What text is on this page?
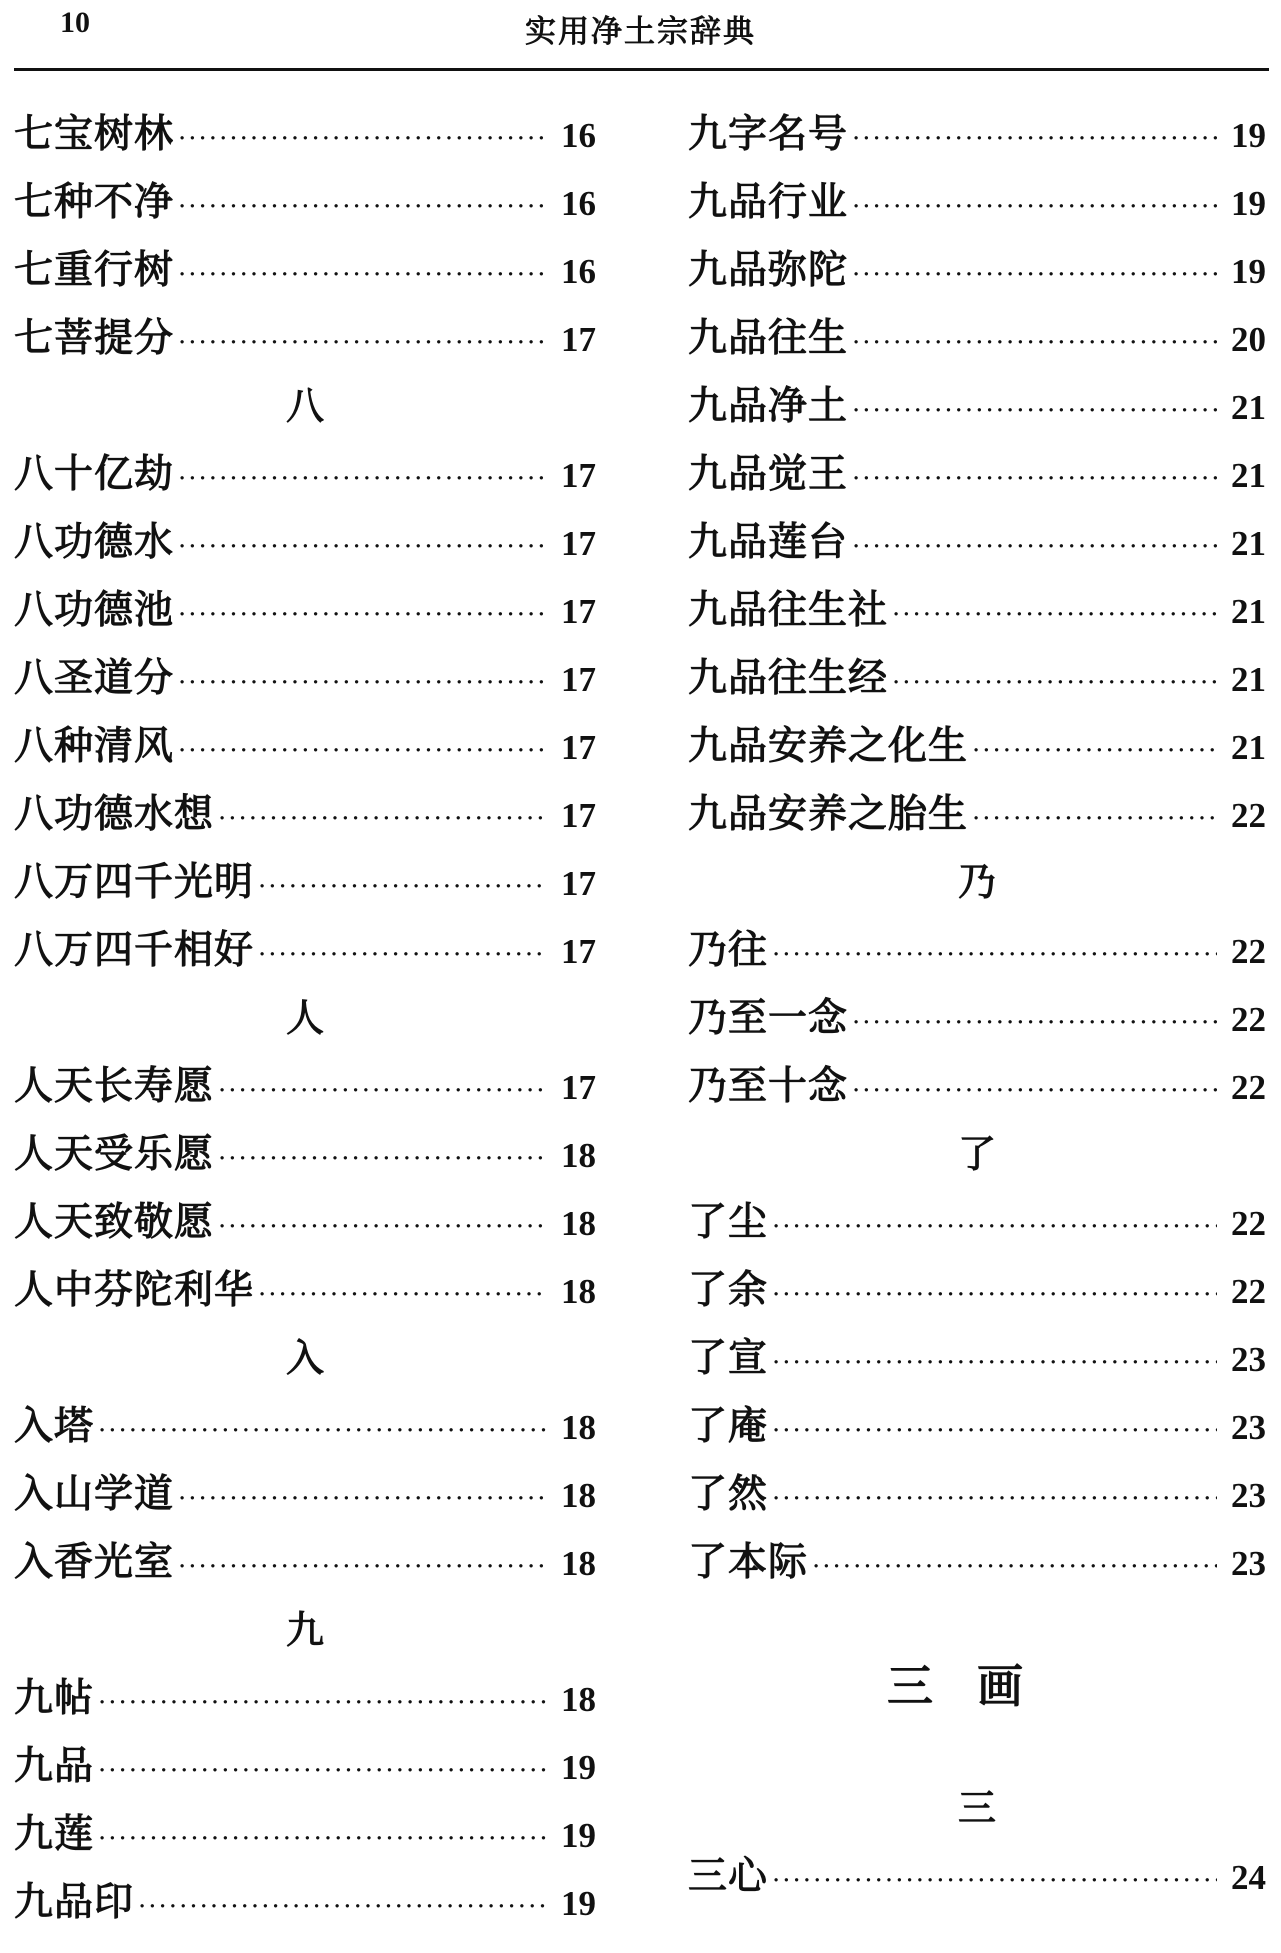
10	实用净土宗辞典
七宝树林 ·····	16
七种不净 ·····	16
七重行树 ·····	16
七菩提分 ·····	17
八
八十亿劫 ·····	17
八功德水 ·····	17
八功德池 ·····	17
八圣道分 ·····	17
八种清风 ·····	17
八功德水想 ·····	17
八万四千光明 ·····	17
八万四千相好 ·····	17
人
人天长寿愿 ·····	17
人天受乐愿 ·····	18
人天致敬愿 ·····	18
人中芬陀利华 ·····	18
入
入塔 ·····	18
入山学道 ·····	18
入香光室 ·····	18
九
九帖 ·····	18
九品 ·····	19
九莲 ·····	19
九品印 ·····	19
九字名号 ·····	19
九品行业 ·····	19
九品弥陀 ·····	19
九品往生 ·····	20
九品净土 ·····	21
九品觉王 ·····	21
九品莲台 ·····	21
九品往生社 ·····	21
九品往生经 ·····	21
九品安养之化生 ·····	21
九品安养之胎生 ·····	22
乃
乃往 ·····	22
乃至一念 ·····	22
乃至十念 ·····	22
了
了尘 ·····	22
了余 ·····	22
了宣 ·····	23
了庵 ·····	23
了然 ·····	23
了本际 ·····	23
三画
三
三心 ·····	24
